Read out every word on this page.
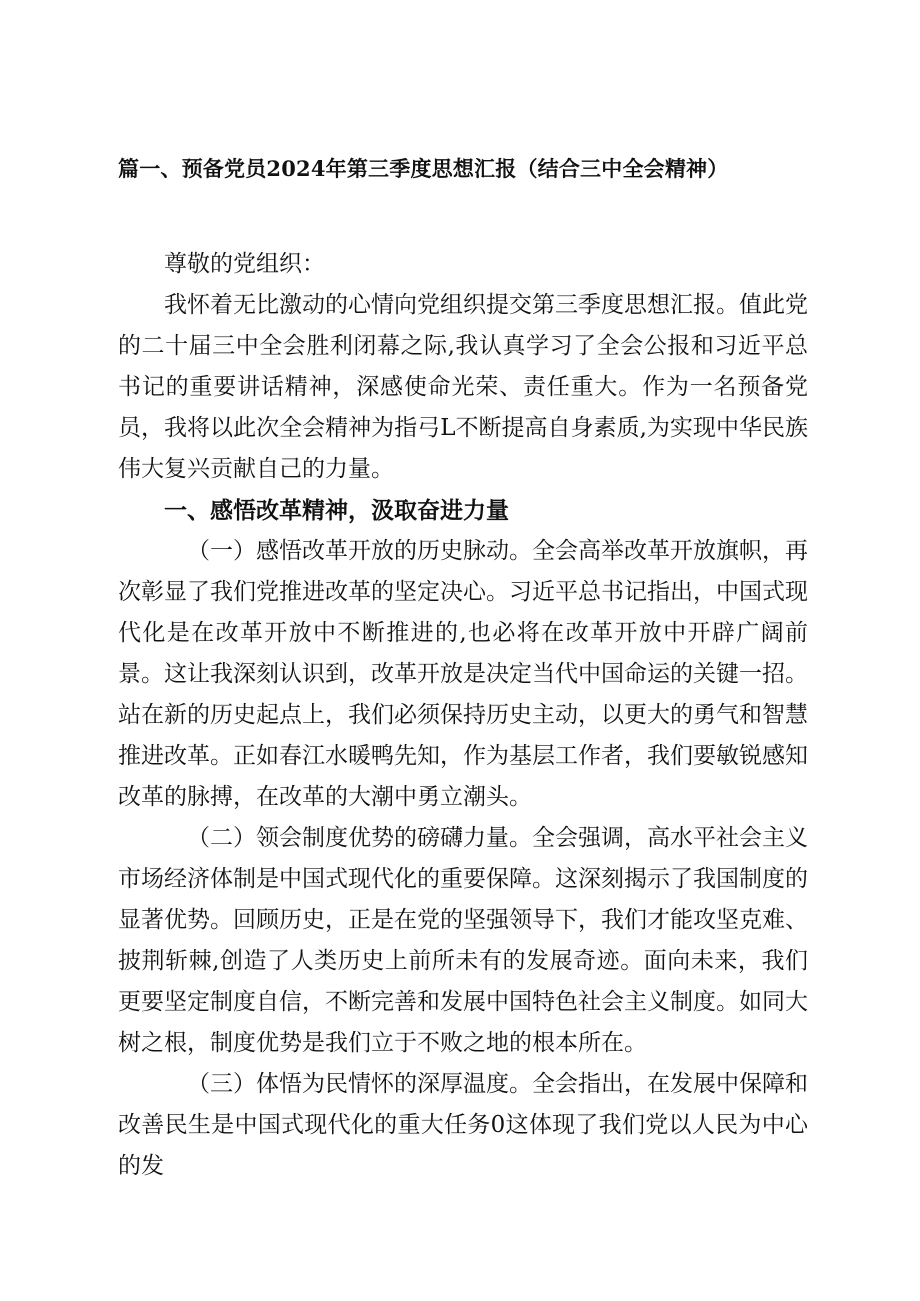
篇一、预备党员2024年第三季度思想汇报（结合三中全会精神）

尊敬的党组织：

我怀着无比激动的心情向党组织提交第三季度思想汇报。值此党的二十届三中全会胜利闭幕之际,我认真学习了全会公报和习近平总书记的重要讲话精神，深感使命光荣、责任重大。作为一名预备党员，我将以此次全会精神为指弓L不断提高自身素质,为实现中华民族伟大复兴贡献自己的力量。

一、感悟改革精神，汲取奋进力量

（一）感悟改革开放的历史脉动。全会高举改革开放旗帜，再次彰显了我们党推进改革的坚定决心。习近平总书记指出，中国式现代化是在改革开放中不断推进的,也必将在改革开放中开辟广阔前景。这让我深刻认识到，改革开放是决定当代中国命运的关键一招。站在新的历史起点上，我们必须保持历史主动，以更大的勇气和智慧推进改革。正如春江水暖鸭先知，作为基层工作者，我们要敏锐感知改革的脉搏，在改革的大潮中勇立潮头。

（二）领会制度优势的磅礴力量。全会强调，高水平社会主义市场经济体制是中国式现代化的重要保障。这深刻揭示了我国制度的显著优势。回顾历史，正是在党的坚强领导下，我们才能攻坚克难、披荆斩棘,创造了人类历史上前所未有的发展奇迹。面向未来，我们更要坚定制度自信，不断完善和发展中国特色社会主义制度。如同大树之根，制度优势是我们立于不败之地的根本所在。

（三）体悟为民情怀的深厚温度。全会指出，在发展中保障和改善民生是中国式现代化的重大任务0这体现了我们党以人民为中心的发
